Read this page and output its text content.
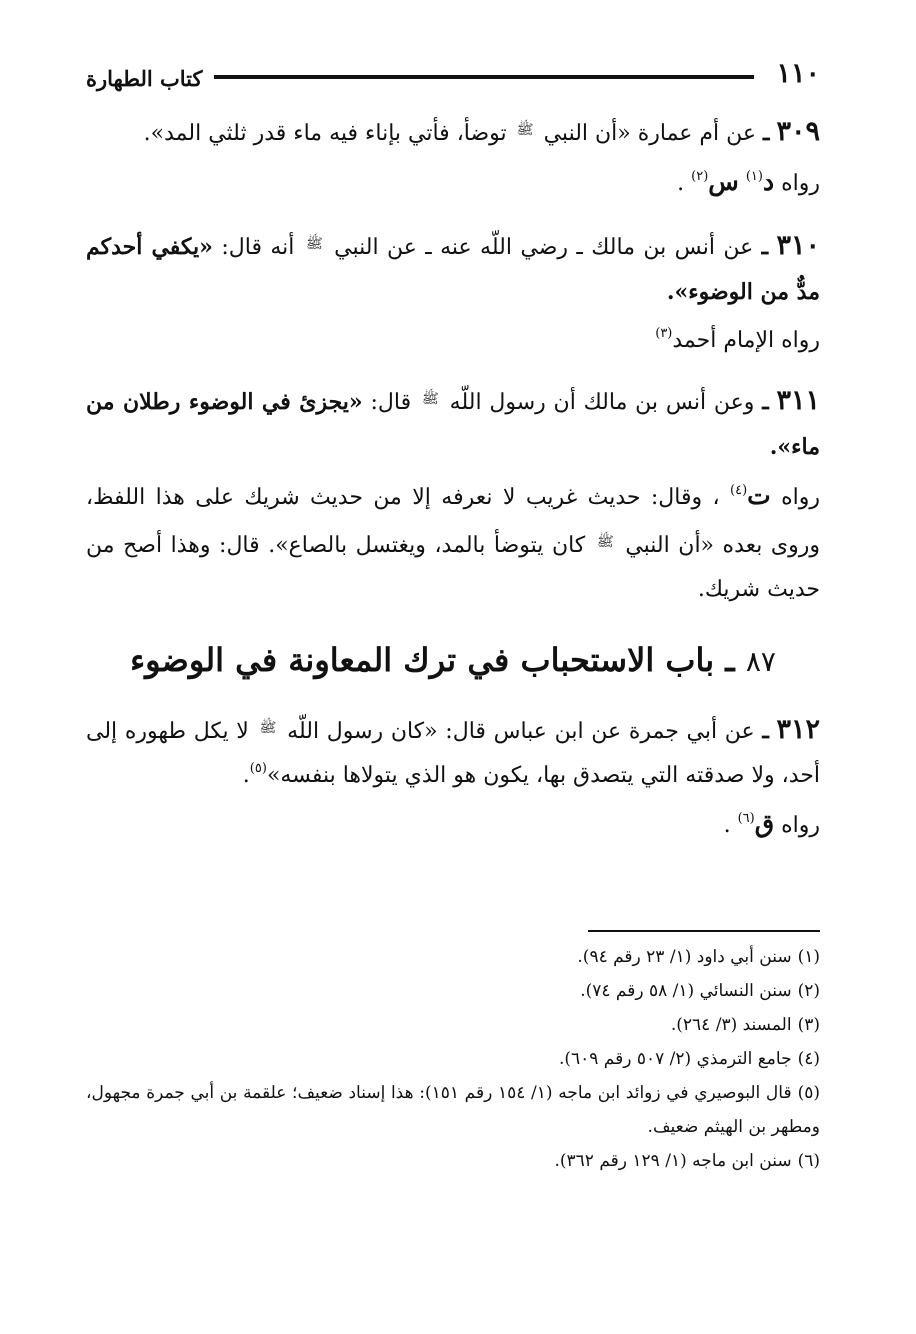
١١٠
كتاب الطهارة

٣٠٩ ـ عن أم عمارة «أن النبي $^ﷺ$ توضأ، فأتي بإناء فيه ماء قدر ثلثي المد».

رواه د$^{(١)}$ س$^{(٢)}$ .

٣١٠ ـ عن أنس بن مالك ـ رضي اللّه عنه ـ عن النبي $^ﷺ$ أنه قال: «يكفي أحدكم مدٌّ من الوضوء».

رواه الإمام أحمد$^{(٣)}$

٣١١ ـ وعن أنس بن مالك أن رسول اللّه $^ﷺ$ قال: «يجزئ في الوضوء رطلان من ماء».

رواه ت$^{(٤)}$ ، وقال: حديث غريب لا نعرفه إلا من حديث شريك على هذا اللفظ، وروى بعده «أن النبي $^ﷺ$ كان يتوضأ بالمد، ويغتسل بالصاع». قال: وهذا أصح من حديث شريك.

٨٧ ـ باب الاستحباب في ترك المعاونة في الوضوء

٣١٢ ـ عن أبي جمرة عن ابن عباس قال: «كان رسول اللّه $^ﷺ$ لا يكل طهوره إلى أحد، ولا صدقته التي يتصدق بها، يكون هو الذي يتولاها بنفسه»$^{(٥)}$.

رواه ق$^{(٦)}$ .

(١)سنن أبي داود (١/ ٢٣ رقم ٩٤).
(٢)سنن النسائي (١/ ٥٨ رقم ٧٤).
(٣)المسند (٣/ ٢٦٤).
(٤)جامع الترمذي (٢/ ٥٠٧ رقم ٦٠٩).
(٥)قال البوصيري في زوائد ابن ماجه (١/ ١٥٤ رقم ١٥١): هذا إسناد ضعيف؛ علقمة بن أبي جمرة مجهول، ومطهر بن الهيثم ضعيف.
(٦)سنن ابن ماجه (١/ ١٢٩ رقم ٣٦٢).
